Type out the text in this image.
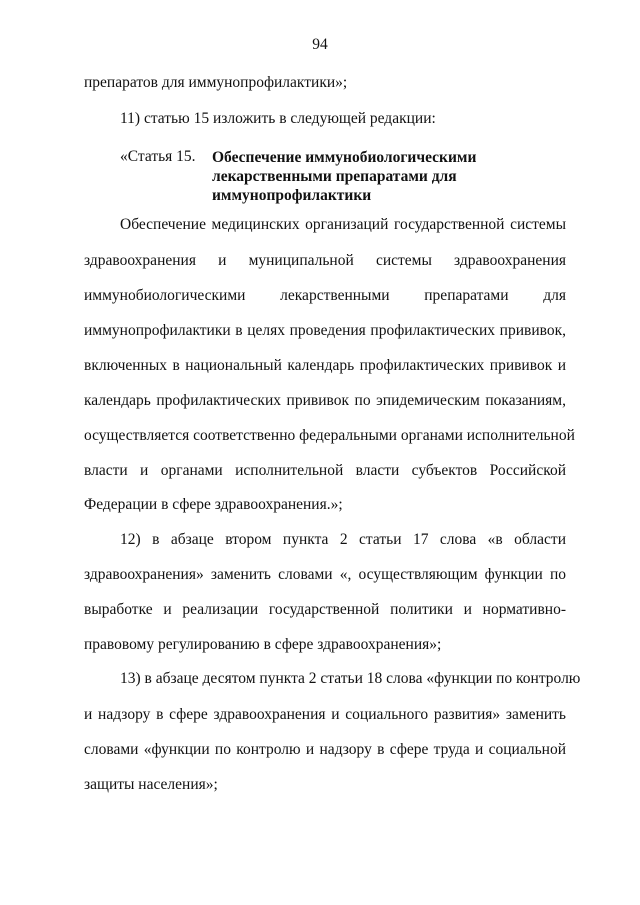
94
препаратов для иммунопрофилактики»;
11) статью 15 изложить в следующей редакции:
«Статья 15. Обеспечение иммунобиологическими
лекарственными препаратами для
иммунопрофилактики
Обеспечение медицинских организаций государственной системы
здравоохранения и муниципальной системы здравоохранения
иммунобиологическими лекарственными препаратами для
иммунопрофилактики в целях проведения профилактических прививок,
включенных в национальный календарь профилактических прививок и
календарь профилактических прививок по эпидемическим показаниям,
осуществляется соответственно федеральными органами исполнительной
власти и органами исполнительной власти субъектов Российской
Федерации в сфере здравоохранения.»;
12) в абзаце втором пункта 2 статьи 17 слова «в области
здравоохранения» заменить словами «, осуществляющим функции по
выработке и реализации государственной политики и нормативно-
правовому регулированию в сфере здравоохранения»;
13) в абзаце десятом пункта 2 статьи 18 слова «функции по контролю
и надзору в сфере здравоохранения и социального развития» заменить
словами «функции по контролю и надзору в сфере труда и социальной
защиты населения»;
